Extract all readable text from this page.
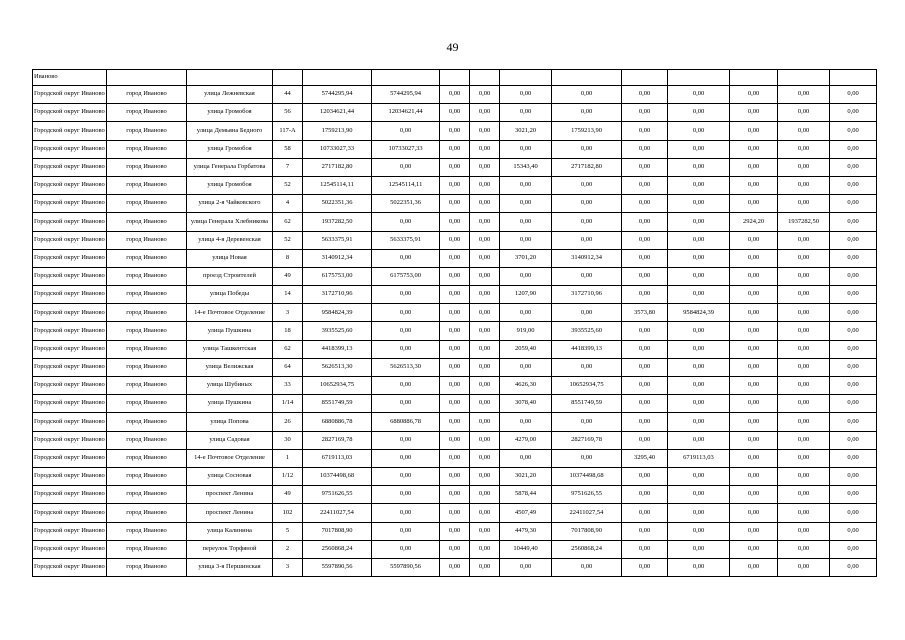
49
Иваново														
Городской округ Иваново	город Иваново	улица Лежневская	44	5744295,94	5744295,94	0,00	0,00	0,00	0,00	0,00	0,00	0,00	0,00	0,00
Городской округ Иваново	город Иваново	улица Громобоя	56	12034621,44	12034621,44	0,00	0,00	0,00	0,00	0,00	0,00	0,00	0,00	0,00
Городской округ Иваново	город Иваново	улица Демьяна Бедного	117-А	1759213,90	0,00	0,00	0,00	3021,20	1759213,90	0,00	0,00	0,00	0,00	0,00
Городской округ Иваново	город Иваново	улица Громобоя	58	10733027,33	10733027,33	0,00	0,00	0,00	0,00	0,00	0,00	0,00	0,00	0,00
Городской округ Иваново	город Иваново	улица Генерала Горбатова	7	2717182,80	0,00	0,00	0,00	15343,40	2717182,80	0,00	0,00	0,00	0,00	0,00
Городской округ Иваново	город Иваново	улица Громобоя	52	12545114,11	12545114,11	0,00	0,00	0,00	0,00	0,00	0,00	0,00	0,00	0,00
Городской округ Иваново	город Иваново	улица 2-я Чайковского	4	5022351,36	5022351,36	0,00	0,00	0,00	0,00	0,00	0,00	0,00	0,00	0,00
Городской округ Иваново	город Иваново	улица Генерала Хлебникова	62	1937282,50	0,00	0,00	0,00	0,00	0,00	0,00	0,00	2924,20	1937282,50	0,00
Городской округ Иваново	город Иваново	улица 4-я Деревенская	52	5633375,91	5633375,91	0,00	0,00	0,00	0,00	0,00	0,00	0,00	0,00	0,00
Городской округ Иваново	город Иваново	улица Новая	8	3140912,34	0,00	0,00	0,00	3701,20	3140912,34	0,00	0,00	0,00	0,00	0,00
Городской округ Иваново	город Иваново	проезд Строителей	49	6175753,00	6175753,00	0,00	0,00	0,00	0,00	0,00	0,00	0,00	0,00	0,00
Городской округ Иваново	город Иваново	улица Победы	14	3172710,96	0,00	0,00	0,00	1207,90	3172710,96	0,00	0,00	0,00	0,00	0,00
Городской округ Иваново	город Иваново	14-е Почтовое Отделение	3	9584824,39	0,00	0,00	0,00	0,00	0,00	3573,80	9584824,39	0,00	0,00	0,00
Городской округ Иваново	город Иваново	улица Пушкина	18	3935525,60	0,00	0,00	0,00	919,00	3935525,60	0,00	0,00	0,00	0,00	0,00
Городской округ Иваново	город Иваново	улица Ташкентская	62	4418399,13	0,00	0,00	0,00	2059,40	4418399,13	0,00	0,00	0,00	0,00	0,00
Городской округ Иваново	город Иваново	улица Велижская	64	5626513,30	5626513,30	0,00	0,00	0,00	0,00	0,00	0,00	0,00	0,00	0,00
Городской округ Иваново	город Иваново	улица Шубиных	33	10652934,75	0,00	0,00	0,00	4626,30	10652934,75	0,00	0,00	0,00	0,00	0,00
Городской округ Иваново	город Иваново	улица Пушкина	1/14	8551749,59	0,00	0,00	0,00	3078,40	8551749,59	0,00	0,00	0,00	0,00	0,00
Городской округ Иваново	город Иваново	улица Попова	26	6880886,78	6880886,78	0,00	0,00	0,00	0,00	0,00	0,00	0,00	0,00	0,00
Городской округ Иваново	город Иваново	улица Садовая	30	2827169,78	0,00	0,00	0,00	4279,00	2827169,78	0,00	0,00	0,00	0,00	0,00
Городской округ Иваново	город Иваново	14-е Почтовое Отделение	1	6719113,03	0,00	0,00	0,00	0,00	0,00	3295,40	6719113,03	0,00	0,00	0,00
Городской округ Иваново	город Иваново	улица Сосновая	1/12	10374498,68	0,00	0,00	0,00	3021,20	10374498,68	0,00	0,00	0,00	0,00	0,00
Городской округ Иваново	город Иваново	проспект Ленина	49	9751626,55	0,00	0,00	0,00	5878,44	9751626,55	0,00	0,00	0,00	0,00	0,00
Городской округ Иваново	город Иваново	проспект Ленина	102	22411027,54	0,00	0,00	0,00	4507,49	22411027,54	0,00	0,00	0,00	0,00	0,00
Городской округ Иваново	город Иваново	улица Калинина	5	7017808,90	0,00	0,00	0,00	4479,30	7017808,90	0,00	0,00	0,00	0,00	0,00
Городской округ Иваново	город Иваново	переулок Торфяной	2	2560868,24	0,00	0,00	0,00	10449,40	2560868,24	0,00	0,00	0,00	0,00	0,00
Городской округ Иваново	город Иваново	улица 3-я Першинская	3	5597890,56	5597890,56	0,00	0,00	0,00	0,00	0,00	0,00	0,00	0,00	0,00
